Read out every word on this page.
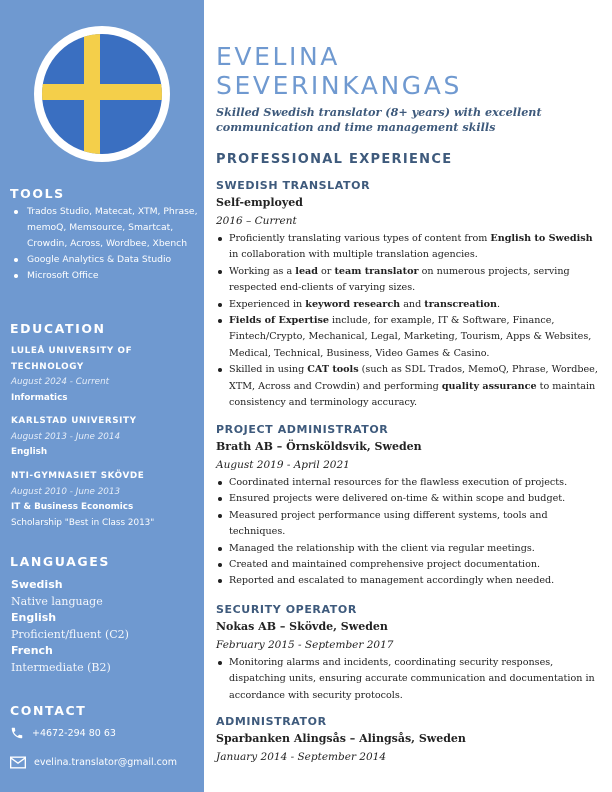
TOOLS
Trados Studio, Matecat, XTM, Phrase, memoQ, Memsource, Smartcat, Crowdin, Across, Wordbee, Xbench
Google Analytics & Data Studio
Microsoft Office
EDUCATION
LULEÅ UNIVERSITY OF TECHNOLOGY
August 2024 - Current
Informatics
KARLSTAD UNIVERSITY
August 2013 - June 2014
English
NTI-GYMNASIET SKÖVDE
August 2010 - June 2013
IT & Business Economics
Scholarship "Best in Class 2013"
LANGUAGES
Swedish
Native language
English
Proficient/fluent (C2)
French
Intermediate (B2)
CONTACT
+4672-294 80 63
evelina.translator@gmail.com
EVELINA
SEVERINKANGAS
Skilled Swedish translator (8+ years) with excellent communication and time management skills
PROFESSIONAL EXPERIENCE
SWEDISH TRANSLATOR
Self-employed
2016 – Current
Proficiently translating various types of content from English to Swedish in collaboration with multiple translation agencies.
Working as a lead or team translator on numerous projects, serving respected end-clients of varying sizes.
Experienced in keyword research and transcreation.
Fields of Expertise include, for example, IT & Software, Finance, Fintech/Crypto, Mechanical, Legal, Marketing, Tourism, Apps & Websites, Medical, Technical, Business, Video Games & Casino.
Skilled in using CAT tools (such as SDL Trados, MemoQ, Phrase, Wordbee, XTM, Across and Crowdin) and performing quality assurance to maintain consistency and terminology accuracy.
PROJECT ADMINISTRATOR
Brath AB – Örnsköldsvik, Sweden
August 2019 - April 2021
Coordinated internal resources for the flawless execution of projects.
Ensured projects were delivered on-time & within scope and budget.
Measured project performance using different systems, tools and techniques.
Managed the relationship with the client via regular meetings.
Created and maintained comprehensive project documentation.
Reported and escalated to management accordingly when needed.
SECURITY OPERATOR
Nokas AB – Skövde, Sweden
February 2015 - September 2017
Monitoring alarms and incidents, coordinating security responses, dispatching units, ensuring accurate communication and documentation in accordance with security protocols.
ADMINISTRATOR
Sparbanken Alingsås – Alingsås, Sweden
January 2014 - September 2014
